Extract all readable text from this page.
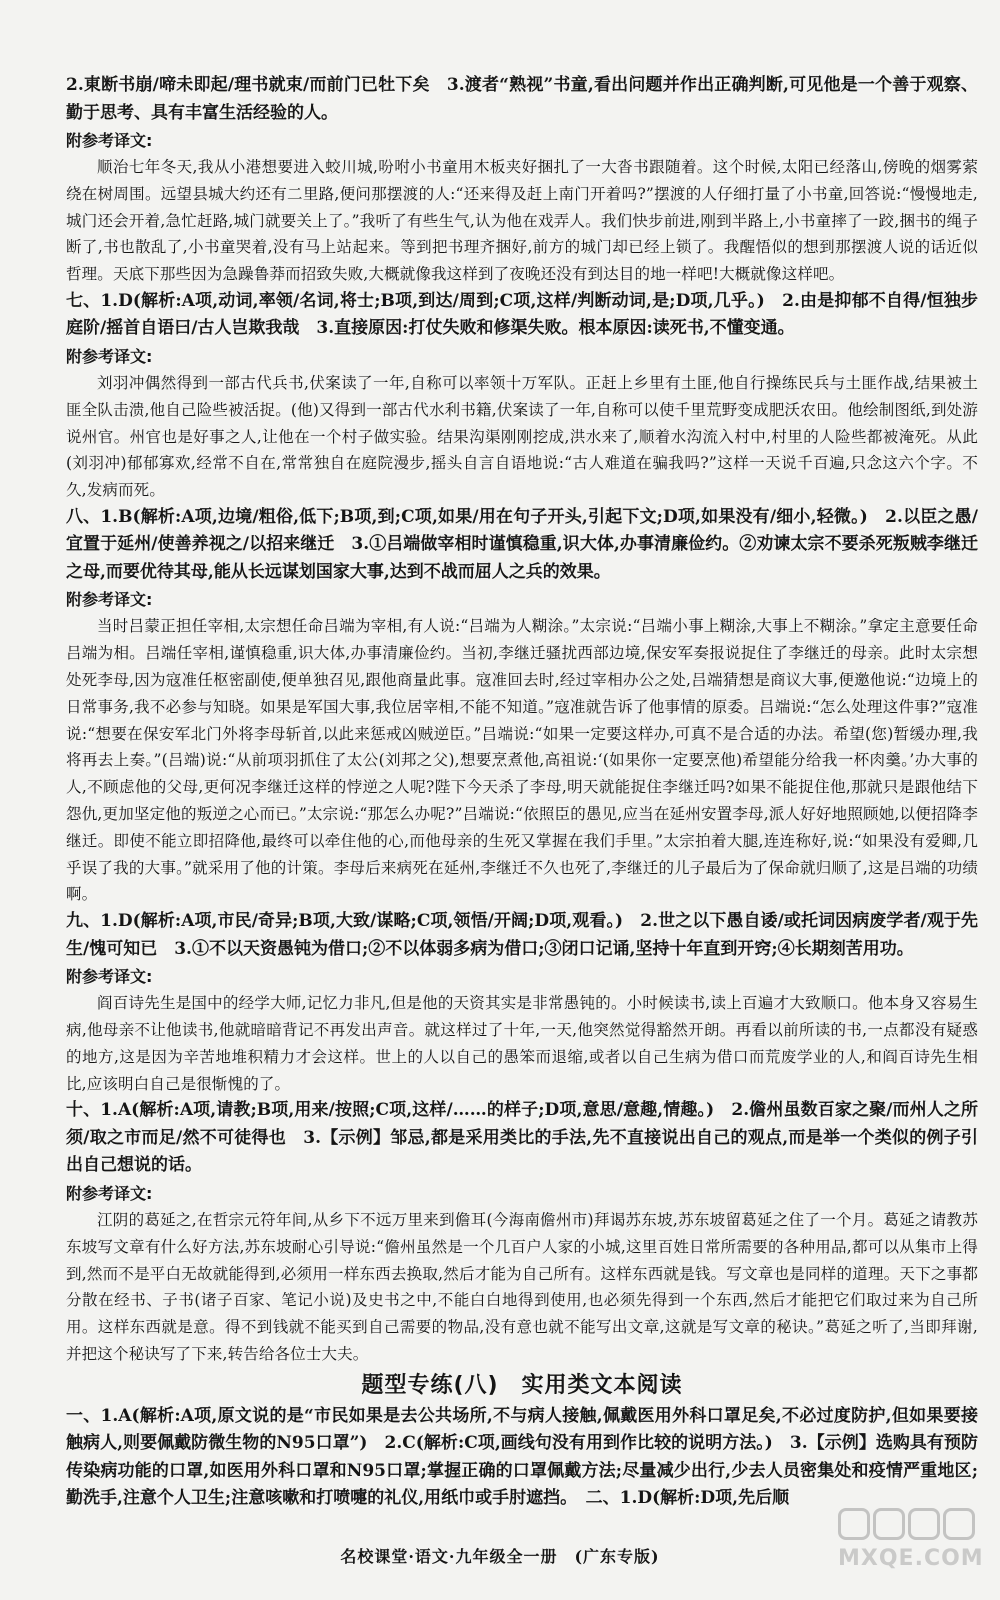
2.東断书崩/啼未即起/理书就束/而前门已牡下矣　3.渡者“熟视”书童,看出问题并作出正确判断,可见他是一个善于观察、勤于思考、具有丰富生活经验的人。

附参考译文:

顺治七年冬天,我从小港想要进入蛟川城,吩咐小书童用木板夹好捆扎了一大沓书跟随着。这个时候,太阳已经落山,傍晚的烟雾萦绕在树周围。远望县城大约还有二里路,便问那摆渡的人:“还来得及赶上南门开着吗?”摆渡的人仔细打量了小书童,回答说:“慢慢地走,城门还会开着,急忙赶路,城门就要关上了。”我听了有些生气,认为他在戏弄人。我们快步前进,刚到半路上,小书童摔了一跤,捆书的绳子断了,书也散乱了,小书童哭着,没有马上站起来。等到把书理齐捆好,前方的城门却已经上锁了。我醒悟似的想到那摆渡人说的话近似哲理。天底下那些因为急躁鲁莽而招致失败,大概就像我这样到了夜晚还没有到达目的地一样吧!大概就像这样吧。

七、1.D(解析:A项,动词,率领/名词,将士;B项,到达/周到;C项,这样/判断动词,是;D项,几乎。)　2.由是抑郁不自得/恒独步庭阶/摇首自语曰/古人岂欺我哉　3.直接原因:打仗失败和修渠失败。根本原因:读死书,不懂变通。

附参考译文:

刘羽冲偶然得到一部古代兵书,伏案读了一年,自称可以率领十万军队。正赶上乡里有土匪,他自行操练民兵与土匪作战,结果被土匪全队击溃,他自己险些被活捉。(他)又得到一部古代水利书籍,伏案读了一年,自称可以使千里荒野变成肥沃农田。他绘制图纸,到处游说州官。州官也是好事之人,让他在一个村子做实验。结果沟渠刚刚挖成,洪水来了,顺着水沟流入村中,村里的人险些都被淹死。从此(刘羽冲)郁郁寡欢,经常不自在,常常独自在庭院漫步,摇头自言自语地说:“古人难道在骗我吗?”这样一天说千百遍,只念这六个字。不久,发病而死。

八、1.B(解析:A项,边境/粗俗,低下;B项,到;C项,如果/用在句子开头,引起下文;D项,如果没有/细小,轻微。)　2.以臣之愚/宜置于延州/使善养视之/以招来继迁　3.①吕端做宰相时谨慎稳重,识大体,办事清廉俭约。②劝谏太宗不要杀死叛贼李继迁之母,而要优待其母,能从长远谋划国家大事,达到不战而屈人之兵的效果。

附参考译文:

当时吕蒙正担任宰相,太宗想任命吕端为宰相,有人说:“吕端为人糊涂。”太宗说:“吕端小事上糊涂,大事上不糊涂。”拿定主意要任命吕端为相。吕端任宰相,谨慎稳重,识大体,办事清廉俭约。当初,李继迁骚扰西部边境,保安军奏报说捉住了李继迁的母亲。此时太宗想处死李母,因为寇准任枢密副使,便单独召见,跟他商量此事。寇准回去时,经过宰相办公之处,吕端猜想是商议大事,便邀他说:“边境上的日常事务,我不必参与知晓。如果是军国大事,我位居宰相,不能不知道。”寇准就告诉了他事情的原委。吕端说:“怎么处理这件事?”寇准说:“想要在保安军北门外将李母斩首,以此来惩戒凶贼逆臣。”吕端说:“如果一定要这样办,可真不是合适的办法。希望(您)暂缓办理,我将再去上奏。”(吕端)说:“从前项羽抓住了太公(刘邦之父),想要烹煮他,高祖说:‘(如果你一定要烹他)希望能分给我一杯肉羹。’办大事的人,不顾虑他的父母,更何况李继迁这样的悖逆之人呢?陛下今天杀了李母,明天就能捉住李继迁吗?如果不能捉住他,那就只是跟他结下怨仇,更加坚定他的叛逆之心而已。”太宗说:“那怎么办呢?”吕端说:“依照臣的愚见,应当在延州安置李母,派人好好地照顾她,以便招降李继迁。即使不能立即招降他,最终可以牵住他的心,而他母亲的生死又掌握在我们手里。”太宗拍着大腿,连连称好,说:“如果没有爱卿,几乎误了我的大事。”就采用了他的计策。李母后来病死在延州,李继迁不久也死了,李继迁的儿子最后为了保命就归顺了,这是吕端的功绩啊。

九、1.D(解析:A项,市民/奇异;B项,大致/谋略;C项,领悟/开阔;D项,观看。)　2.世之以下愚自诿/或托词因病废学者/观于先生/愧可知已　3.①不以天资愚钝为借口;②不以体弱多病为借口;③闭口记诵,坚持十年直到开窍;④长期刻苦用功。

附参考译文:

阎百诗先生是国中的经学大师,记忆力非凡,但是他的天资其实是非常愚钝的。小时候读书,读上百遍才大致顺口。他本身又容易生病,他母亲不让他读书,他就暗暗背记不再发出声音。就这样过了十年,一天,他突然觉得豁然开朗。再看以前所读的书,一点都没有疑惑的地方,这是因为辛苦地堆积精力才会这样。世上的人以自己的愚笨而退缩,或者以自己生病为借口而荒废学业的人,和阎百诗先生相比,应该明白自己是很惭愧的了。

十、1.A(解析:A项,请教;B项,用来/按照;C项,这样/……的样子;D项,意思/意趣,情趣。)　2.儋州虽数百家之聚/而州人之所须/取之市而足/然不可徒得也　3.【示例】邹忌,都是采用类比的手法,先不直接说出自己的观点,而是举一个类似的例子引出自己想说的话。

附参考译文:

江阴的葛延之,在哲宗元符年间,从乡下不远万里来到儋耳(今海南儋州市)拜谒苏东坡,苏东坡留葛延之住了一个月。葛延之请教苏东坡写文章有什么好方法,苏东坡耐心引导说:“儋州虽然是一个几百户人家的小城,这里百姓日常所需要的各种用品,都可以从集市上得到,然而不是平白无故就能得到,必须用一样东西去换取,然后才能为自己所有。这样东西就是钱。写文章也是同样的道理。天下之事都分散在经书、子书(诸子百家、笔记小说)及史书之中,不能白白地得到使用,也必须先得到一个东西,然后才能把它们取过来为自己所用。这样东西就是意。得不到钱就不能买到自己需要的物品,没有意也就不能写出文章,这就是写文章的秘诀。”葛延之听了,当即拜谢,并把这个秘诀写了下来,转告给各位士大夫。

题型专练(八)　实用类文本阅读

一、1.A(解析:A项,原文说的是“市民如果是去公共场所,不与病人接触,佩戴医用外科口罩足矣,不必过度防护,但如果要接触病人,则要佩戴防微生物的N95口罩”)　2.C(解析:C项,画线句没有用到作比较的说明方法。)　3.【示例】选购具有预防传染病功能的口罩,如医用外科口罩和N95口罩;掌握正确的口罩佩戴方法;尽量减少出行,少去人员密集处和疫情严重地区;勤洗手,注意个人卫生;注意咳嗽和打喷嚏的礼仪,用纸巾或手肘遮挡。　二、1.D(解析:D项,先后顺

名校课堂·语文·九年级全一册　(广东专版)	MXQE.COM
